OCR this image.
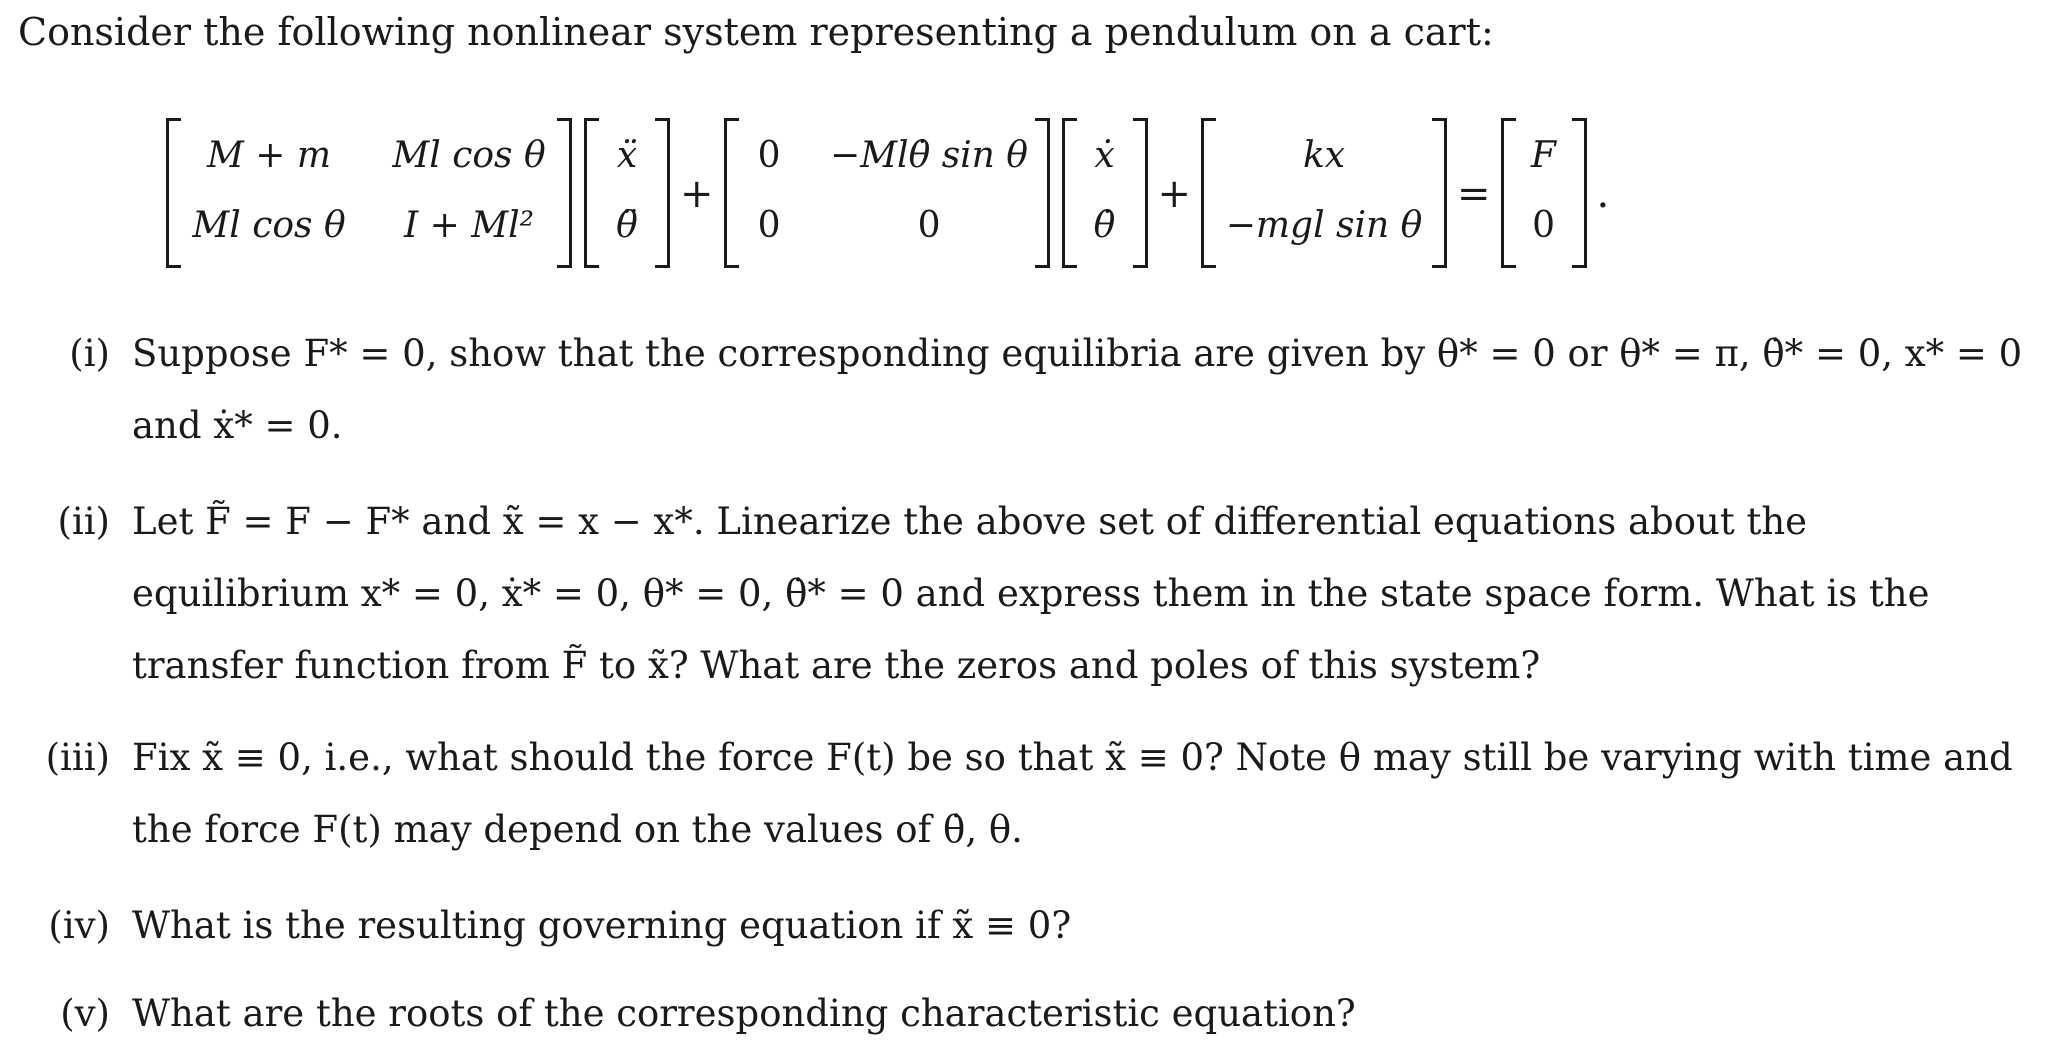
Consider the following nonlinear system representing a pendulum on a cart:
M + m	Ml cos θ
Ml cos θ	I + Ml²
ẍ
θ̈
+
0	−Mlθ̇ sin θ
0	0
ẋ
θ̇
+
kx
−mgl sin θ
=
F
0
.
(i) Suppose F* = 0, show that the corresponding equilibria are given by θ* = 0 or θ* = π, θ̇* = 0, x* = 0 and ẋ* = 0.
(ii) Let F̃ = F − F* and x̃ = x − x*. Linearize the above set of differential equations about the equilibrium x* = 0, ẋ* = 0, θ* = 0, θ̇* = 0 and express them in the state space form. What is the transfer function from F̃ to x̃? What are the zeros and poles of this system?
(iii) Fix x̃ ≡ 0, i.e., what should the force F(t) be so that x̃ ≡ 0? Note θ may still be varying with time and the force F(t) may depend on the values of θ̇, θ.
(iv) What is the resulting governing equation if x̃ ≡ 0?
(v) What are the roots of the corresponding characteristic equation?
